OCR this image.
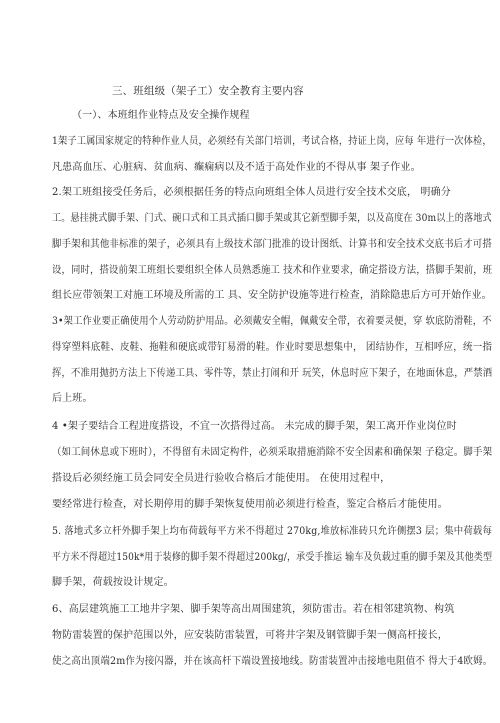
三、班组级（架子工）安全教育主要内容
（一）、本班组作业特点及安全操作规程
1架子工属国家规定的特种作业人员，必须经有关部门培训，考试合格，持证上岗，应每 年进行一次体检，
凡患高血压、心脏病、贫血病、癫痫病以及不适于高处作业的不得从事 架子作业。
2.架工班组接受任务后，必须根据任务的特点向班组全体人员进行安全技术交底， 明确分
工。悬挂挑式脚手架、门式、碗口式和工具式插口脚手架或其它新型脚手架，以及高度在 30m以上的落地式
脚手架和其他非标准的架子，必须具有上级技术部门批准的设计图纸、计算书和安全技术交底书后才可搭
设，同时，搭设前架工班组长要组织全体人员熟悉施工 技术和作业要求，确定搭设方法，搭脚手架前，班
组长应带领架工对施工环境及所需的工 具、安全防护设施等进行检查，消除隐患后方可开始作业。
3•架工作业要正确使用个人劳动防护用品。必须戴安全帽，佩戴安全带，衣着要灵便，穿 软底防滑鞋，不
得穿塑料底鞋、皮鞋、拖鞋和硬底或带钉易滑的鞋。作业时要思想集中， 团结协作，互相呼应，统一指
挥，不准用抛扔方法上下传递工具、零件等，禁止打闹和开 玩笑，休息时应下架子，在地面休息，严禁酒
后上班。
4 •架子要结合工程进度搭设，不宜一次搭得过高。 未完成的脚手架，架工离开作业岗位时
（如工间休息或下班时），不得留有未固定构件，必须采取措施消除不安全因素和确保架 子稳定。脚手架
搭设后必须经施工员会同安全员进行验收合格后才能使用。 在使用过程中，
要经常进行检查，对长期停用的脚手架恢复使用前必须进行检查，鉴定合格后才能使用。
5. 落地式多立杆外脚手架上均布荷载每平方米不得超过 270kg,堆放标准砖只允许侧摆3 层；集中荷载每
平方米不得超过150k*用于装修的脚手架不得超过200kg/，承受手推运 输车及负载过重的脚手架及其他类型
脚手架，荷载按设计规定。
6、高层建筑施工工地井字架、脚手架等高出周围建筑，须防雷击。若在相邻建筑物、构筑
物防雷装置的保护范围以外，应安装防雷装置，可将井字架及钢管脚手架一侧高杆接长，
使之高出顶端2m作为接闪器，并在该高杆下端设置接地线。防雷装置冲击接地电阻值不 得大于4欧姆。
